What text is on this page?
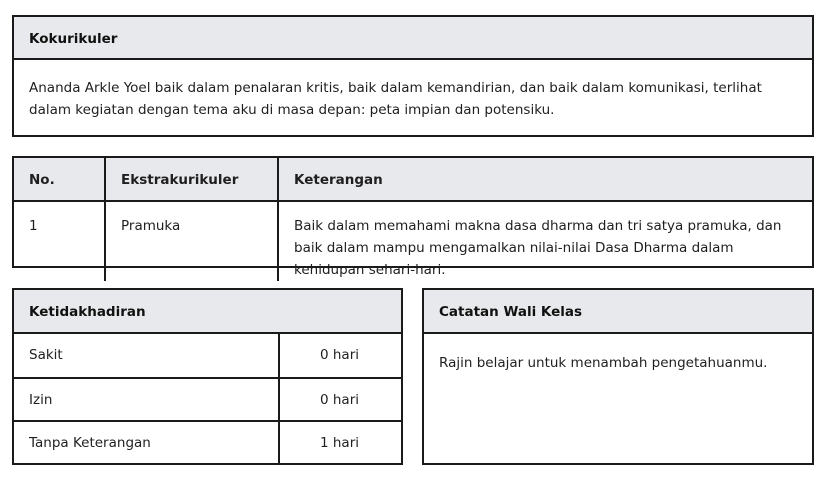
Kokurikuler
Ananda Arkle Yoel baik dalam penalaran kritis, baik dalam kemandirian, dan baik dalam komunikasi, terlihat dalam kegiatan dengan tema aku di masa depan: peta impian dan potensiku.
No.	Ekstrakurikuler	Keterangan
1	Pramuka	Baik dalam memahami makna dasa dharma dan tri satya pramuka, dan baik dalam mampu mengamalkan nilai-nilai Dasa Dharma dalam kehidupan sehari-hari.
Ketidakhadiran
Sakit	0 hari
Izin	0 hari
Tanpa Keterangan	1 hari
Catatan Wali Kelas
Rajin belajar untuk menambah pengetahuanmu.
